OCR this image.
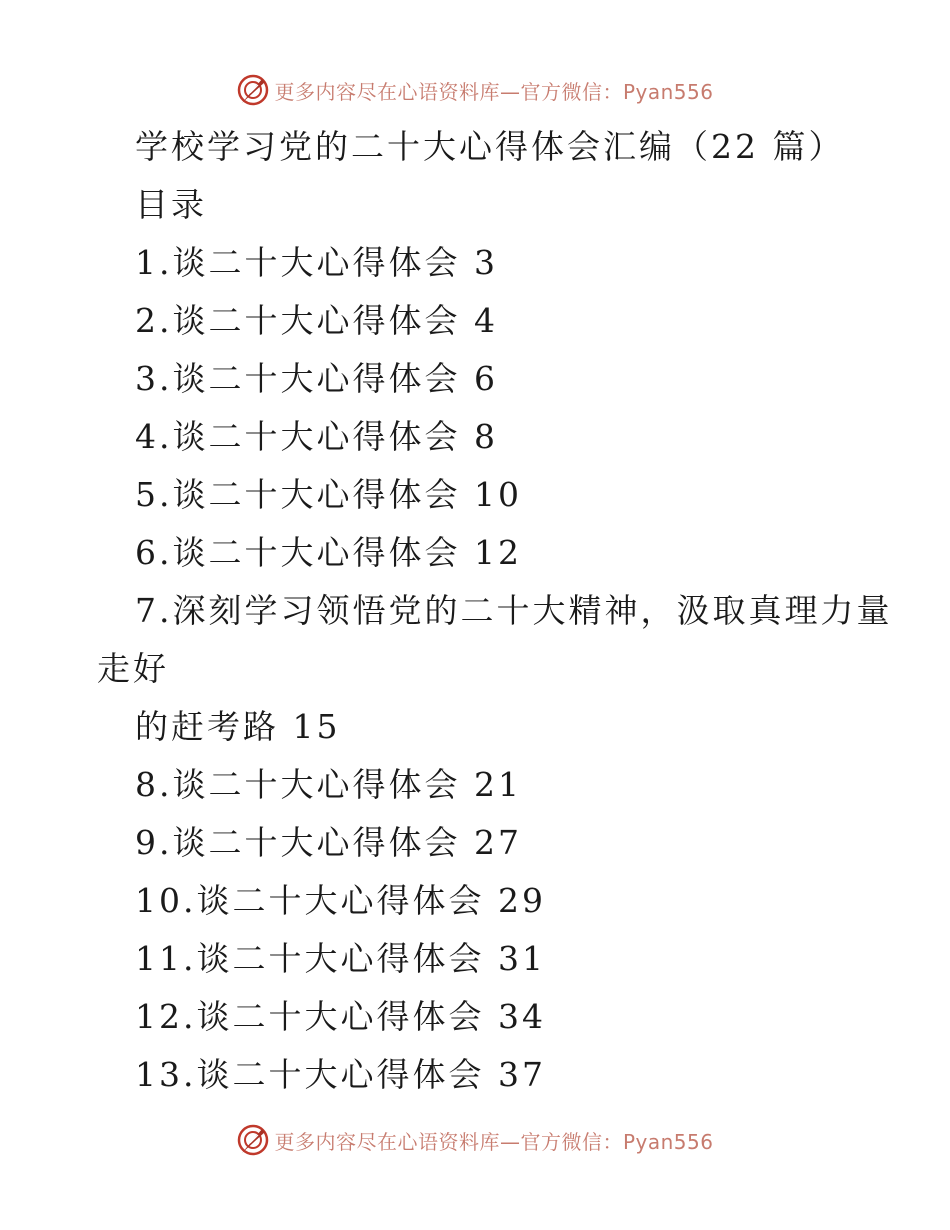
更多内容尽在心语资料库—官方微信：Pyan556
学校学习党的二十大心得体会汇编（22 篇）
目录
1.谈二十大心得体会 3
2.谈二十大心得体会 4
3.谈二十大心得体会 6
4.谈二十大心得体会 8
5.谈二十大心得体会 10
6.谈二十大心得体会 12
7.深刻学习领悟党的二十大精神，汲取真理力量
走好
的赶考路 15
8.谈二十大心得体会 21
9.谈二十大心得体会 27
10.谈二十大心得体会 29
11.谈二十大心得体会 31
12.谈二十大心得体会 34
13.谈二十大心得体会 37
更多内容尽在心语资料库—官方微信：Pyan556
